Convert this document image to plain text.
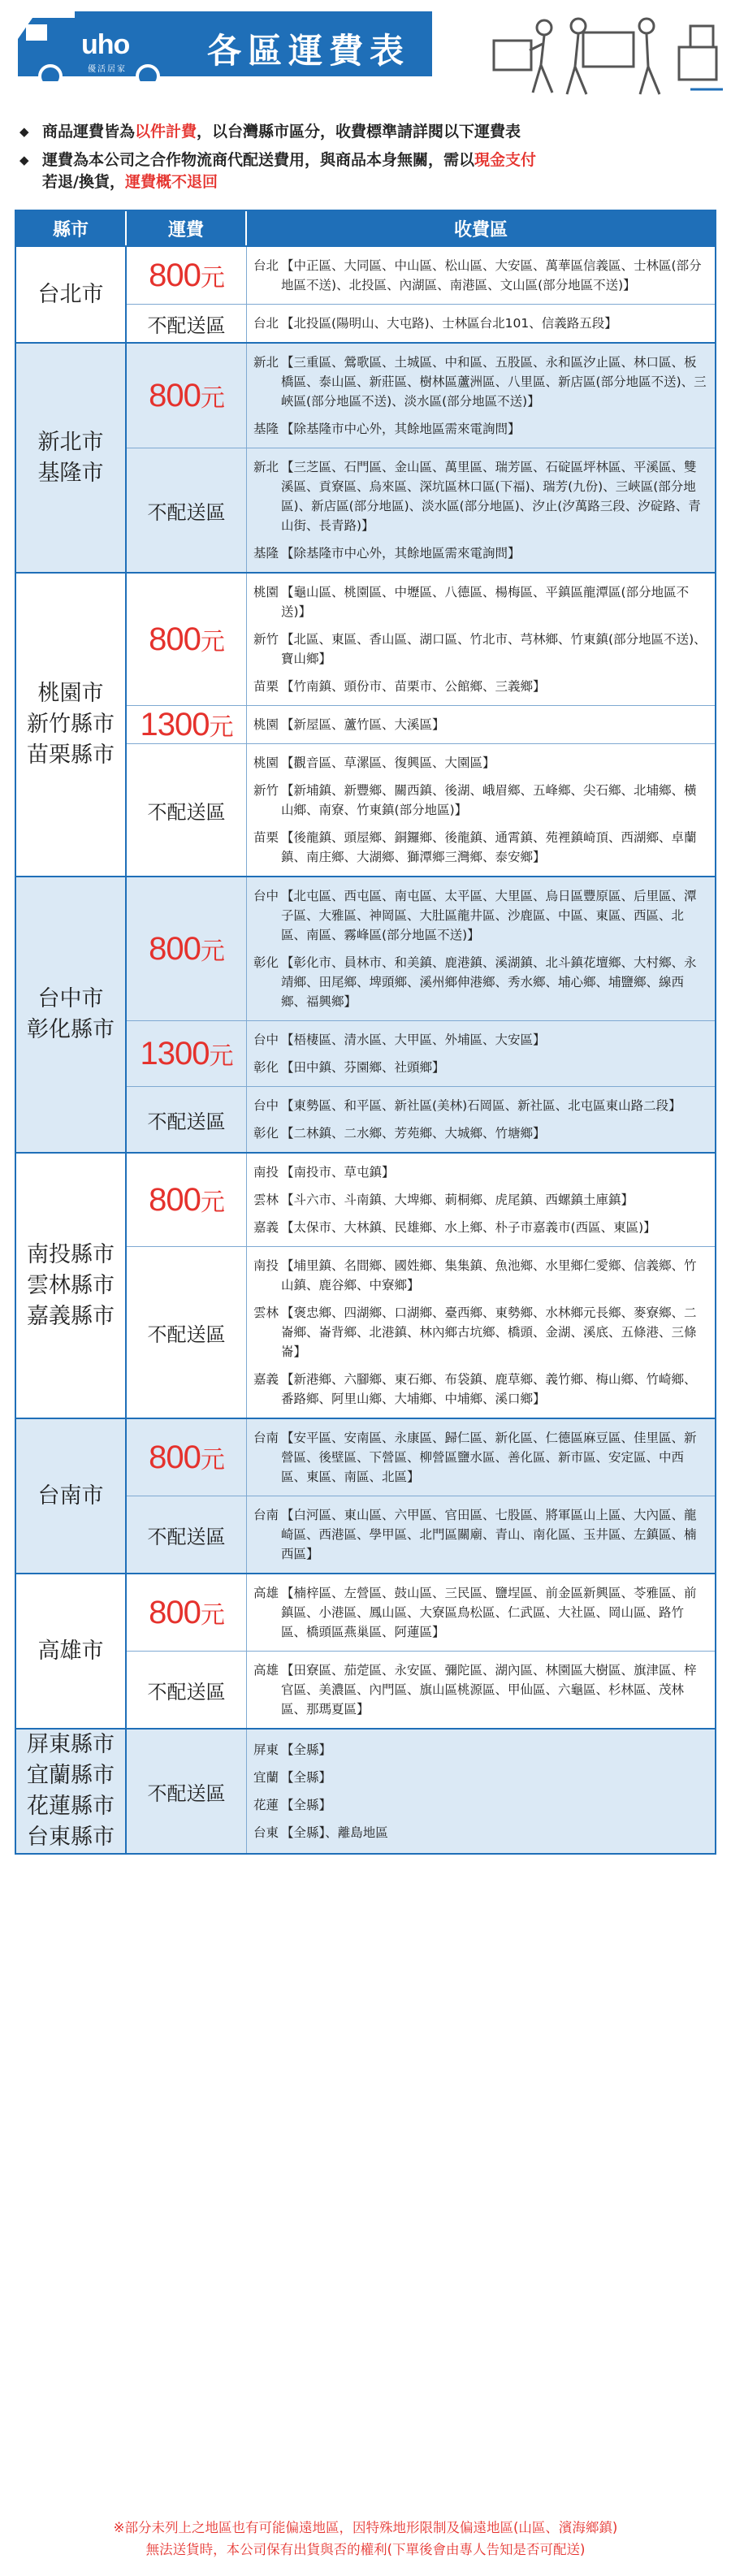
uho
優活居家 各區運費表
◆ 商品運費皆為以件計費，以台灣縣市區分，收費標準請詳閱以下運費表
◆ 運費為本公司之合作物流商代配送費用，與商品本身無關，需以現金支付
若退/換貨，運費概不退回
縣市	運費	收費區
台北市
800元 台北 【中正區、大同區、中山區、松山區、大安區、萬華區信義區、士林區(部分地區不送)、北投區、內湖區、南港區、文山區(部分地區不送)】
不配送區 台北 【北投區(陽明山、大屯路)、士林區台北101、信義路五段】
新北市
基隆市
800元
新北 【三重區、鶯歌區、土城區、中和區、五股區、永和區汐止區、林口區、板橋區、泰山區、新莊區、樹林區蘆洲區、八里區、新店區(部分地區不送)、三峽區(部分地區不送)、淡水區(部分地區不送)】
基隆 【除基隆市中心外，其餘地區需來電詢問】
不配送區
新北 【三芝區、石門區、金山區、萬里區、瑞芳區、石碇區坪林區、平溪區、雙溪區、貢寮區、烏來區、深坑區林口區(下福)、瑞芳(九份)、三峽區(部分地區)、新店區(部分地區)、淡水區(部分地區)、汐止(汐萬路三段、汐碇路、青山街、長青路)】
基隆 【除基隆市中心外，其餘地區需來電詢問】
桃園市
新竹縣市
苗栗縣市
800元
桃園 【龜山區、桃園區、中壢區、八德區、楊梅區、平鎮區龍潭區(部分地區不送)】
新竹 【北區、東區、香山區、湖口區、竹北市、芎林鄉、竹東鎮(部分地區不送)、寶山鄉】
苗栗 【竹南鎮、頭份市、苗栗市、公館鄉、三義鄉】
1300元 桃園 【新屋區、蘆竹區、大溪區】
不配送區
桃園 【觀音區、草漯區、復興區、大園區】
新竹 【新埔鎮、新豐鄉、關西鎮、後湖、峨眉鄉、五峰鄉、尖石鄉、北埔鄉、橫山鄉、南寮、竹東鎮(部分地區)】
苗栗 【後龍鎮、頭屋鄉、銅鑼鄉、後龍鎮、通霄鎮、苑裡鎮崎頂、西湖鄉、卓蘭鎮、南庄鄉、大湖鄉、獅潭鄉三灣鄉、泰安鄉】
台中市
彰化縣市
800元
台中 【北屯區、西屯區、南屯區、太平區、大里區、烏日區豐原區、后里區、潭子區、大雅區、神岡區、大肚區龍井區、沙鹿區、中區、東區、西區、北區、南區、霧峰區(部分地區不送)】
彰化 【彰化市、員林市、和美鎮、鹿港鎮、溪湖鎮、北斗鎮花壇鄉、大村鄉、永靖鄉、田尾鄉、埤頭鄉、溪州鄉伸港鄉、秀水鄉、埔心鄉、埔鹽鄉、線西鄉、福興鄉】
1300元
台中 【梧棲區、清水區、大甲區、外埔區、大安區】
彰化 【田中鎮、芬園鄉、社頭鄉】
不配送區
台中 【東勢區、和平區、新社區(美林)石岡區、新社區、北屯區東山路二段】
彰化 【二林鎮、二水鄉、芳苑鄉、大城鄉、竹塘鄉】
南投縣市
雲林縣市
嘉義縣市
800元
南投 【南投市、草屯鎮】
雲林 【斗六市、斗南鎮、大埤鄉、莿桐鄉、虎尾鎮、西螺鎮土庫鎮】
嘉義 【太保市、大林鎮、民雄鄉、水上鄉、朴子市嘉義市(西區、東區)】
不配送區
南投 【埔里鎮、名間鄉、國姓鄉、集集鎮、魚池鄉、水里鄉仁愛鄉、信義鄉、竹山鎮、鹿谷鄉、中寮鄉】
雲林 【褒忠鄉、四湖鄉、口湖鄉、臺西鄉、東勢鄉、水林鄉元長鄉、麥寮鄉、二崙鄉、崙背鄉、北港鎮、林內鄉古坑鄉、橋頭、金湖、溪底、五條港、三條崙】
嘉義 【新港鄉、六腳鄉、東石鄉、布袋鎮、鹿草鄉、義竹鄉、梅山鄉、竹崎鄉、番路鄉、阿里山鄉、大埔鄉、中埔鄉、溪口鄉】
台南市
800元
台南 【安平區、安南區、永康區、歸仁區、新化區、仁德區麻豆區、佳里區、新營區、後壁區、下營區、柳營區鹽水區、善化區、新市區、安定區、中西區、東區、南區、北區】
不配送區
台南 【白河區、東山區、六甲區、官田區、七股區、將軍區山上區、大內區、龍崎區、西港區、學甲區、北門區關廟、青山、南化區、玉井區、左鎮區、楠西區】
高雄市
800元
高雄 【楠梓區、左營區、鼓山區、三民區、鹽埕區、前金區新興區、苓雅區、前鎮區、小港區、鳳山區、大寮區鳥松區、仁武區、大社區、岡山區、路竹區、橋頭區燕巢區、阿蓮區】
不配送區
高雄 【田寮區、茄萣區、永安區、彌陀區、湖內區、林園區大樹區、旗津區、梓官區、美濃區、內門區、旗山區桃源區、甲仙區、六龜區、杉林區、茂林區、那瑪夏區】
屏東縣市
宜蘭縣市
花蓮縣市
台東縣市
不配送區
屏東 【全縣】
宜蘭 【全縣】
花蓮 【全縣】
台東 【全縣】、離島地區
※部分未列上之地區也有可能偏遠地區，因特殊地形限制及偏遠地區(山區、濱海鄉鎮)
無法送貨時，本公司保有出貨與否的權利(下單後會由專人告知是否可配送)
